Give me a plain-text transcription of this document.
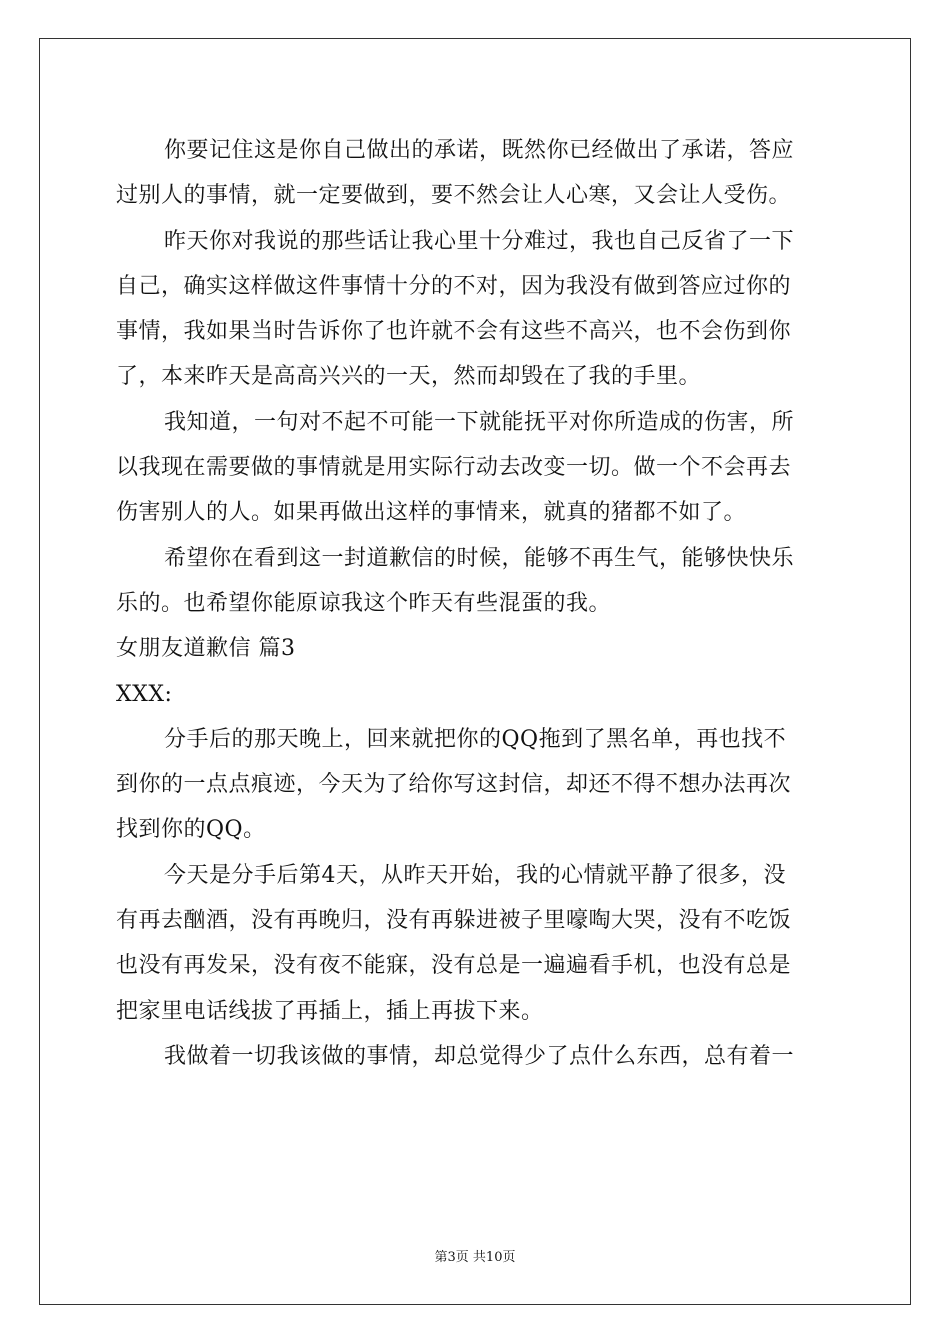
你要记住这是你自己做出的承诺，既然你已经做出了承诺，答应
过别人的事情，就一定要做到，要不然会让人心寒，又会让人受伤。
昨天你对我说的那些话让我心里十分难过，我也自己反省了一下
自己，确实这样做这件事情十分的不对，因为我没有做到答应过你的
事情，我如果当时告诉你了也许就不会有这些不高兴，也不会伤到你
了，本来昨天是高高兴兴的一天，然而却毁在了我的手里。
我知道，一句对不起不可能一下就能抚平对你所造成的伤害，所
以我现在需要做的事情就是用实际行动去改变一切。做一个不会再去
伤害别人的人。如果再做出这样的事情来，就真的猪都不如了。
希望你在看到这一封道歉信的时候，能够不再生气，能够快快乐
乐的。也希望你能原谅我这个昨天有些混蛋的我。
女朋友道歉信 篇3
XXX:
分手后的那天晚上，回来就把你的QQ拖到了黑名单，再也找不
到你的一点点痕迹，今天为了给你写这封信，却还不得不想办法再次
找到你的QQ。
今天是分手后第4天，从昨天开始，我的心情就平静了很多，没
有再去酗酒，没有再晚归，没有再躲进被子里嚎啕大哭，没有不吃饭
也没有再发呆，没有夜不能寐，没有总是一遍遍看手机，也没有总是
把家里电话线拔了再插上，插上再拔下来。
我做着一切我该做的事情，却总觉得少了点什么东西，总有着一
第3页 共10页
